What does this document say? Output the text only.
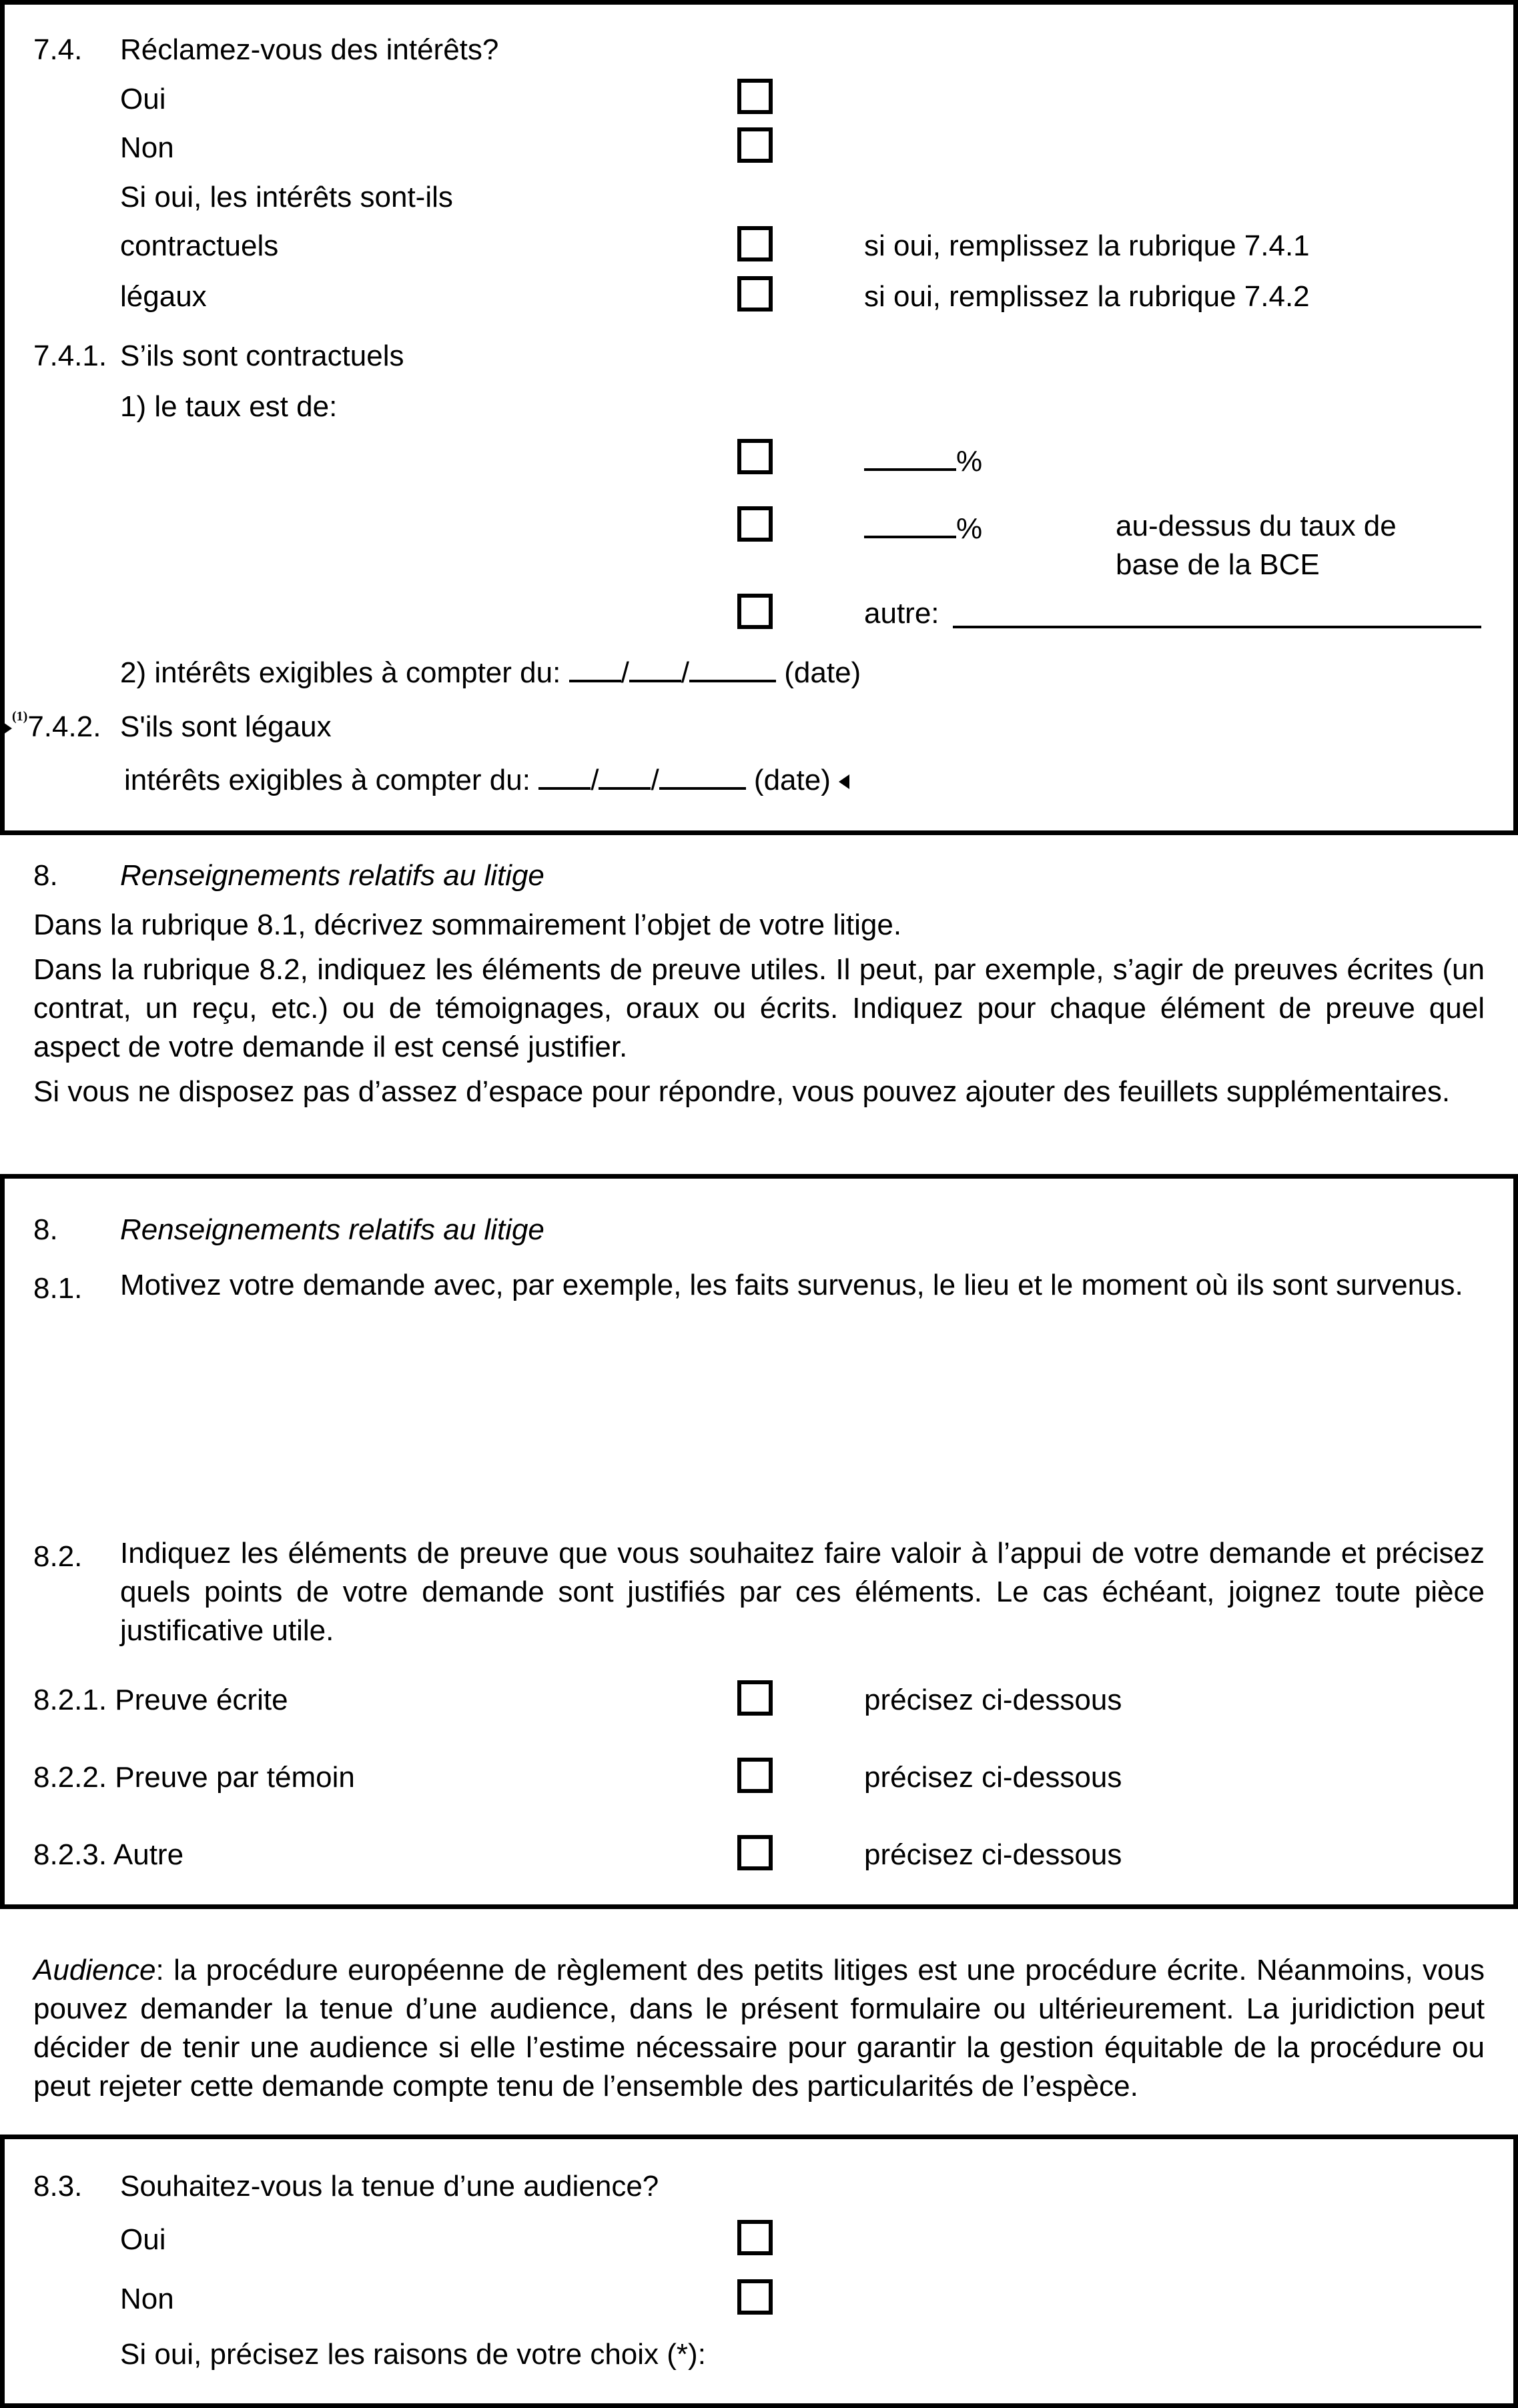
7.4. Réclamez-vous des intérêts?
Oui
Non
Si oui, les intérêts sont-ils
contractuels	si oui, remplissez la rubrique 7.4.1
légaux	si oui, remplissez la rubrique 7.4.2
7.4.1. S’ils sont contractuels
1) le taux est de:
%
%	au-dessus du taux de
base de la BCE
autre:
2) intérêts exigibles à compter du: / /	(date)
$^{(1)}$7.4.2. S'ils sont légaux
intérêts exigibles à compter du: / /	(date)
8. Renseignements relatifs au litige
Dans la rubrique 8.1, décrivez sommairement l’objet de votre litige.
Dans la rubrique 8.2, indiquez les éléments de preuve utiles. Il peut, par exemple, s’agir de preuves écrites (un contrat, un reçu, etc.) ou de témoignages, oraux ou écrits. Indiquez pour chaque élément de preuve quel aspect de votre demande il est censé justifier.
Si vous ne disposez pas d’assez d’espace pour répondre, vous pouvez ajouter des feuillets supplémentaires.
8. Renseignements relatifs au litige
8.1. Motivez votre demande avec, par exemple, les faits survenus, le lieu et le moment où ils sont survenus.
8.2. Indiquez les éléments de preuve que vous souhaitez faire valoir à l’appui de votre demande et précisez quels points de votre demande sont justifiés par ces éléments. Le cas échéant, joignez toute pièce justificative utile.
8.2.1. Preuve écrite	précisez ci-dessous
8.2.2. Preuve par témoin	précisez ci-dessous
8.2.3. Autre	précisez ci-dessous
Audience: la procédure européenne de règlement des petits litiges est une procédure écrite. Néanmoins, vous pouvez demander la tenue d’une audience, dans le présent formulaire ou ultérieurement. La juridiction peut décider de tenir une audience si elle l’estime nécessaire pour garantir la gestion équitable de la procédure ou peut rejeter cette demande compte tenu de l’ensemble des particularités de l’espèce.
8.3. Souhaitez-vous la tenue d’une audience?
Oui
Non
Si oui, précisez les raisons de votre choix (*):
